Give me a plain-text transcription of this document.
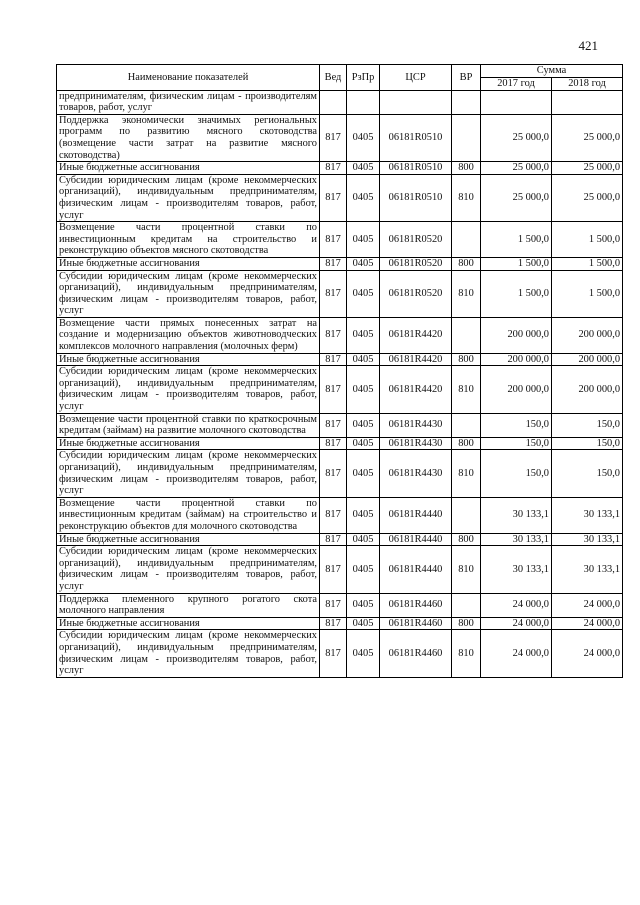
421
Наименование показателей	Вед	РзПр	ЦСР	ВР	Сумма	
					2017 год	2018 год
предпринимателям, физическим лицам - производителям товаров, работ, услуг						
Поддержка экономически значимых региональных программ по развитию мясного скотоводства (возмещение части затрат на развитие мясного скотоводства)	817	0405	06181R0510		25 000,0	25 000,0
Иные бюджетные ассигнования	817	0405	06181R0510	800	25 000,0	25 000,0
Субсидии юридическим лицам (кроме некоммерческих организаций), индивидуальным предпринимателям, физическим лицам - производителям товаров, работ, услуг	817	0405	06181R0510	810	25 000,0	25 000,0
Возмещение части процентной ставки по инвестиционным кредитам на строительство и реконструкцию объектов мясного скотоводства	817	0405	06181R0520		1 500,0	1 500,0
Иные бюджетные ассигнования	817	0405	06181R0520	800	1 500,0	1 500,0
Субсидии юридическим лицам (кроме некоммерческих организаций), индивидуальным предпринимателям, физическим лицам - производителям товаров, работ, услуг	817	0405	06181R0520	810	1 500,0	1 500,0
Возмещение части прямых понесенных затрат на создание и модернизацию объектов животноводческих комплексов молочного направления (молочных ферм)	817	0405	06181R4420		200 000,0	200 000,0
Иные бюджетные ассигнования	817	0405	06181R4420	800	200 000,0	200 000,0
Субсидии юридическим лицам (кроме некоммерческих организаций), индивидуальным предпринимателям, физическим лицам - производителям товаров, работ, услуг	817	0405	06181R4420	810	200 000,0	200 000,0
Возмещение части процентной ставки по краткосрочным кредитам (займам) на развитие молочного скотоводства	817	0405	06181R4430		150,0	150,0
Иные бюджетные ассигнования	817	0405	06181R4430	800	150,0	150,0
Субсидии юридическим лицам (кроме некоммерческих организаций), индивидуальным предпринимателям, физическим лицам - производителям товаров, работ, услуг	817	0405	06181R4430	810	150,0	150,0
Возмещение части процентной ставки по инвестиционным кредитам (займам) на строительство и реконструкцию объектов для молочного скотоводства	817	0405	06181R4440		30 133,1	30 133,1
Иные бюджетные ассигнования	817	0405	06181R4440	800	30 133,1	30 133,1
Субсидии юридическим лицам (кроме некоммерческих организаций), индивидуальным предпринимателям, физическим лицам - производителям товаров, работ, услуг	817	0405	06181R4440	810	30 133,1	30 133,1
Поддержка племенного крупного рогатого скота молочного направления	817	0405	06181R4460		24 000,0	24 000,0
Иные бюджетные ассигнования	817	0405	06181R4460	800	24 000,0	24 000,0
Субсидии юридическим лицам (кроме некоммерческих организаций), индивидуальным предпринимателям, физическим лицам - производителям товаров, работ, услуг	817	0405	06181R4460	810	24 000,0	24 000,0
